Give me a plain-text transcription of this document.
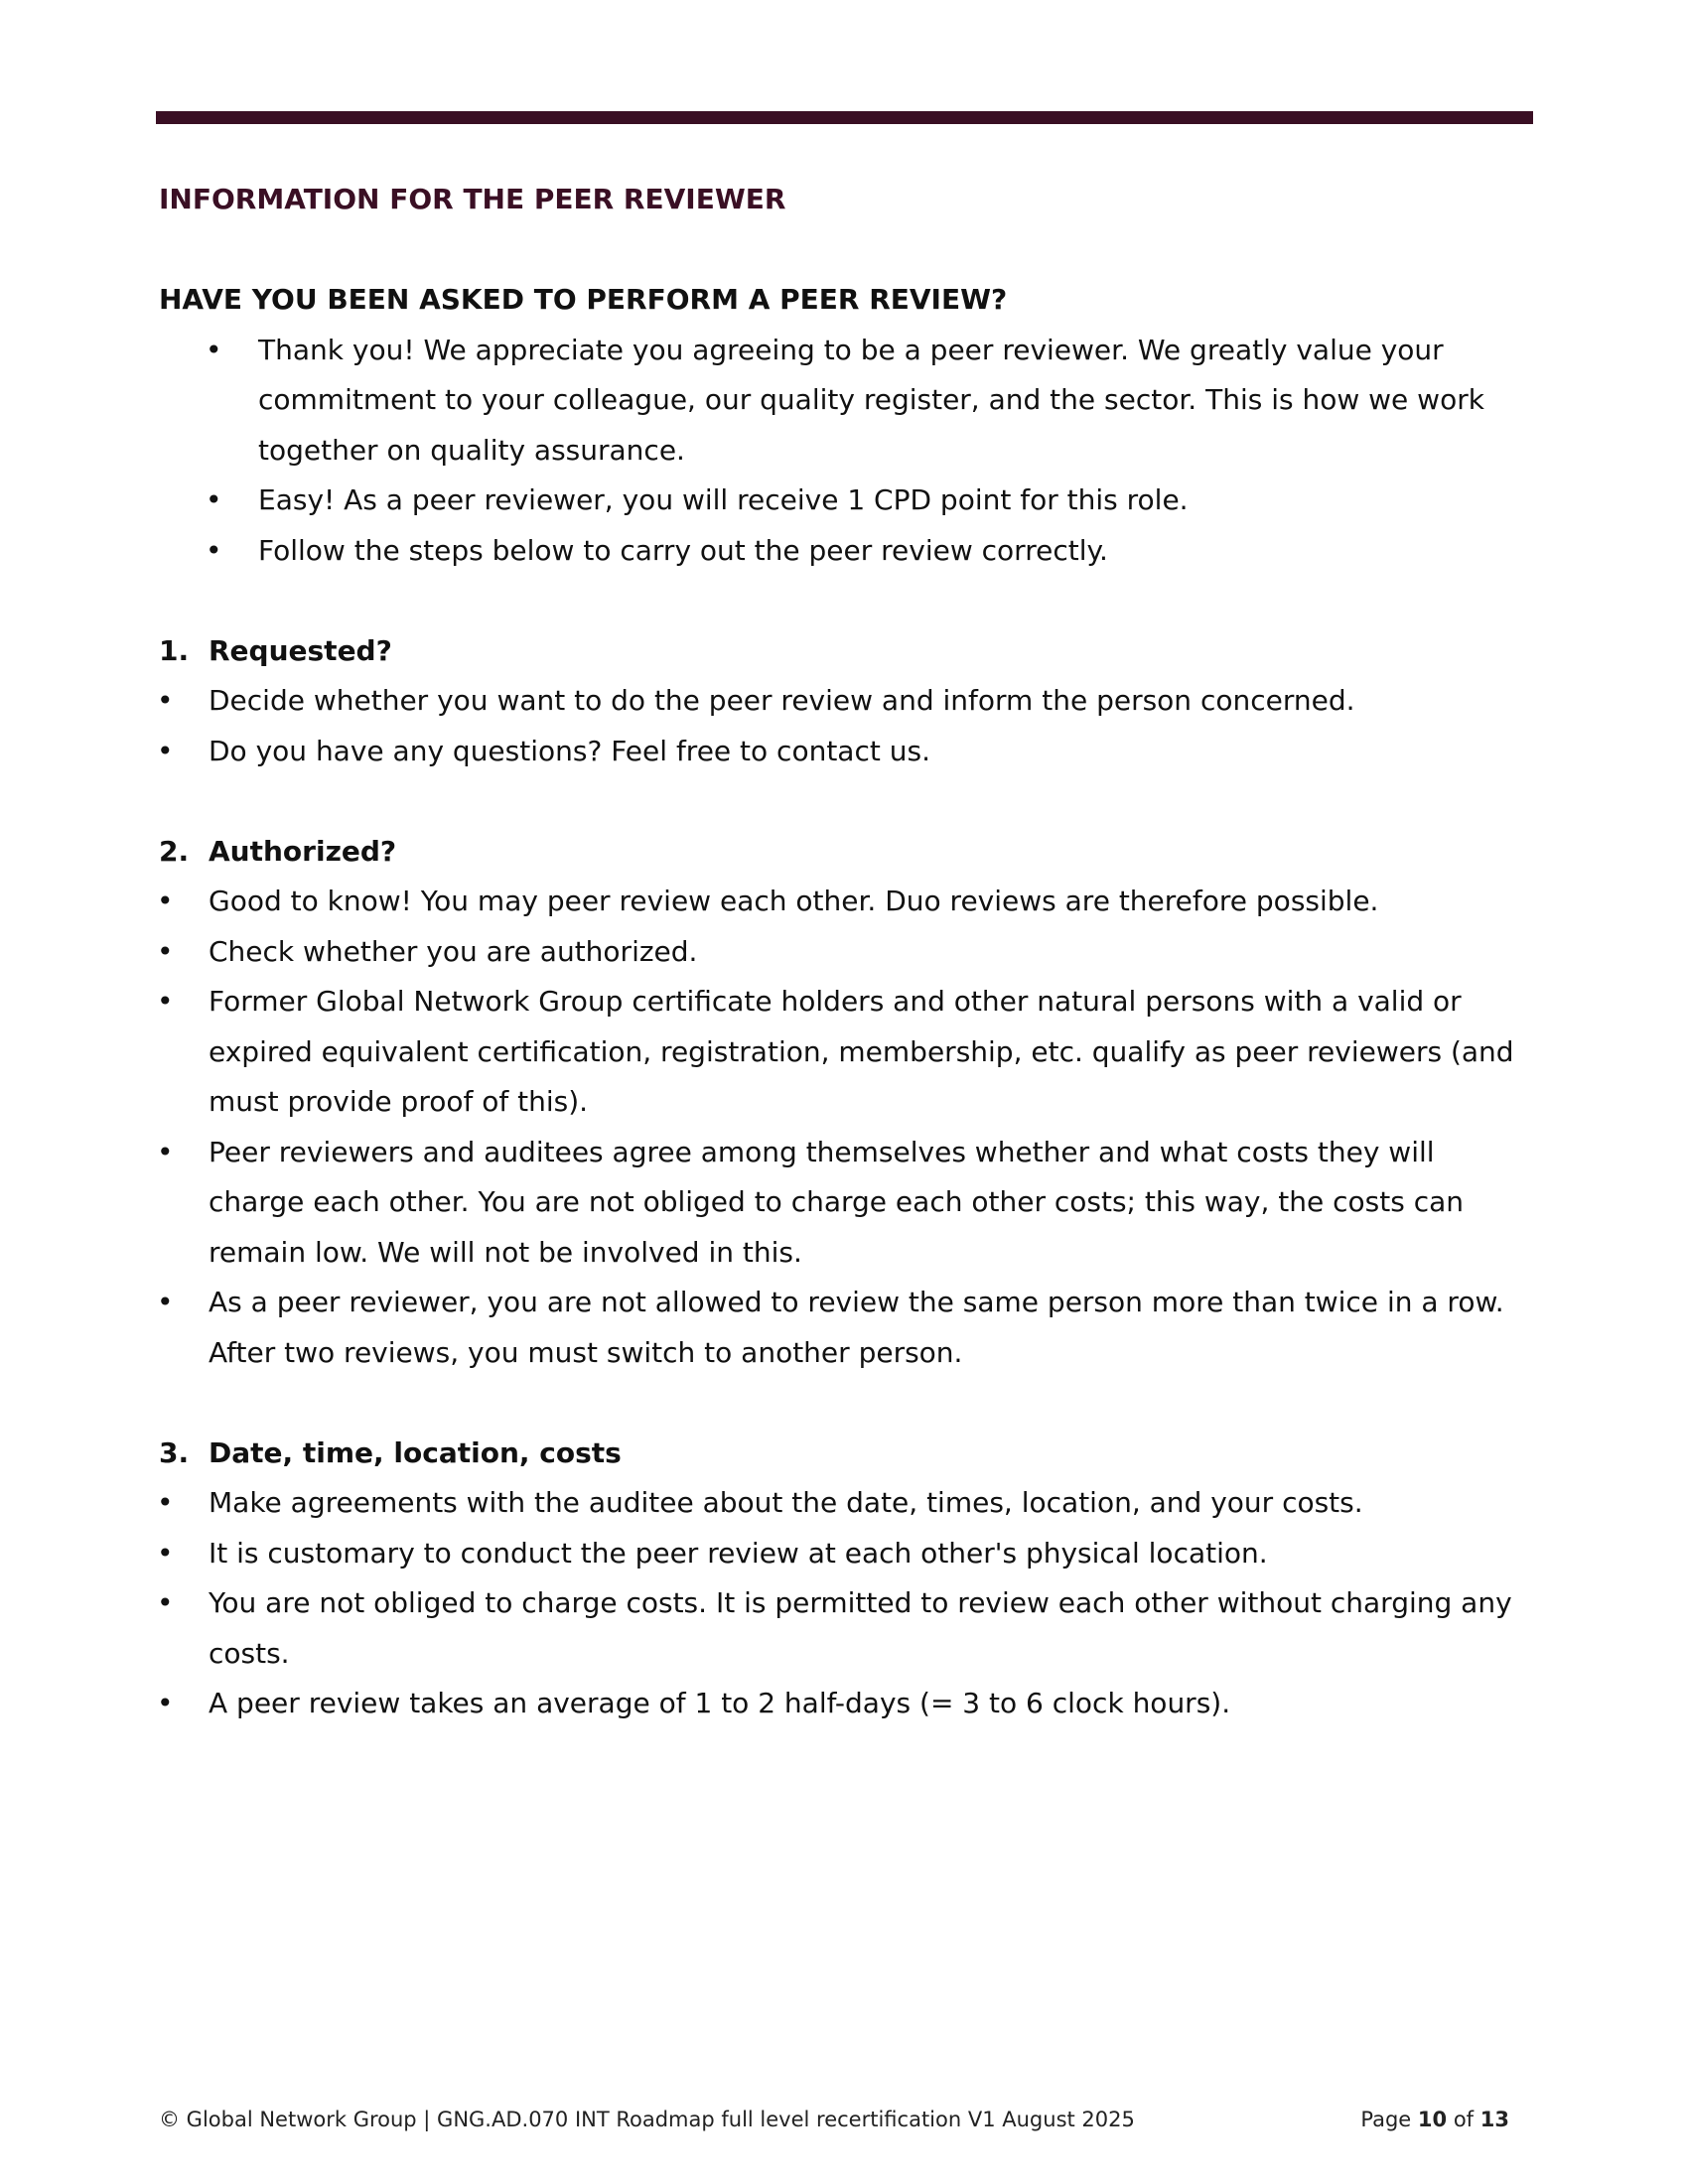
INFORMATION FOR THE PEER REVIEWER
HAVE YOU BEEN ASKED TO PERFORM A PEER REVIEW?
• Thank you! We appreciate you agreeing to be a peer reviewer. We greatly value your commitment to your colleague, our quality register, and the sector. This is how we work together on quality assurance.
• Easy! As a peer reviewer, you will receive 1 CPD point for this role.
• Follow the steps below to carry out the peer review correctly.
1. Requested?
• Decide whether you want to do the peer review and inform the person concerned.
• Do you have any questions? Feel free to contact us.
2. Authorized?
• Good to know! You may peer review each other. Duo reviews are therefore possible.
• Check whether you are authorized.
• Former Global Network Group certificate holders and other natural persons with a valid or expired equivalent certification, registration, membership, etc. qualify as peer reviewers (and must provide proof of this).
• Peer reviewers and auditees agree among themselves whether and what costs they will charge each other. You are not obliged to charge each other costs; this way, the costs can remain low. We will not be involved in this.
• As a peer reviewer, you are not allowed to review the same person more than twice in a row. After two reviews, you must switch to another person.
3. Date, time, location, costs
• Make agreements with the auditee about the date, times, location, and your costs.
• It is customary to conduct the peer review at each other's physical location.
• You are not obliged to charge costs. It is permitted to review each other without charging any costs.
• A peer review takes an average of 1 to 2 half-days (= 3 to 6 clock hours).
© Global Network Group | GNG.AD.070 INT Roadmap full level recertification V1 August 2025	Page 10 of 13
